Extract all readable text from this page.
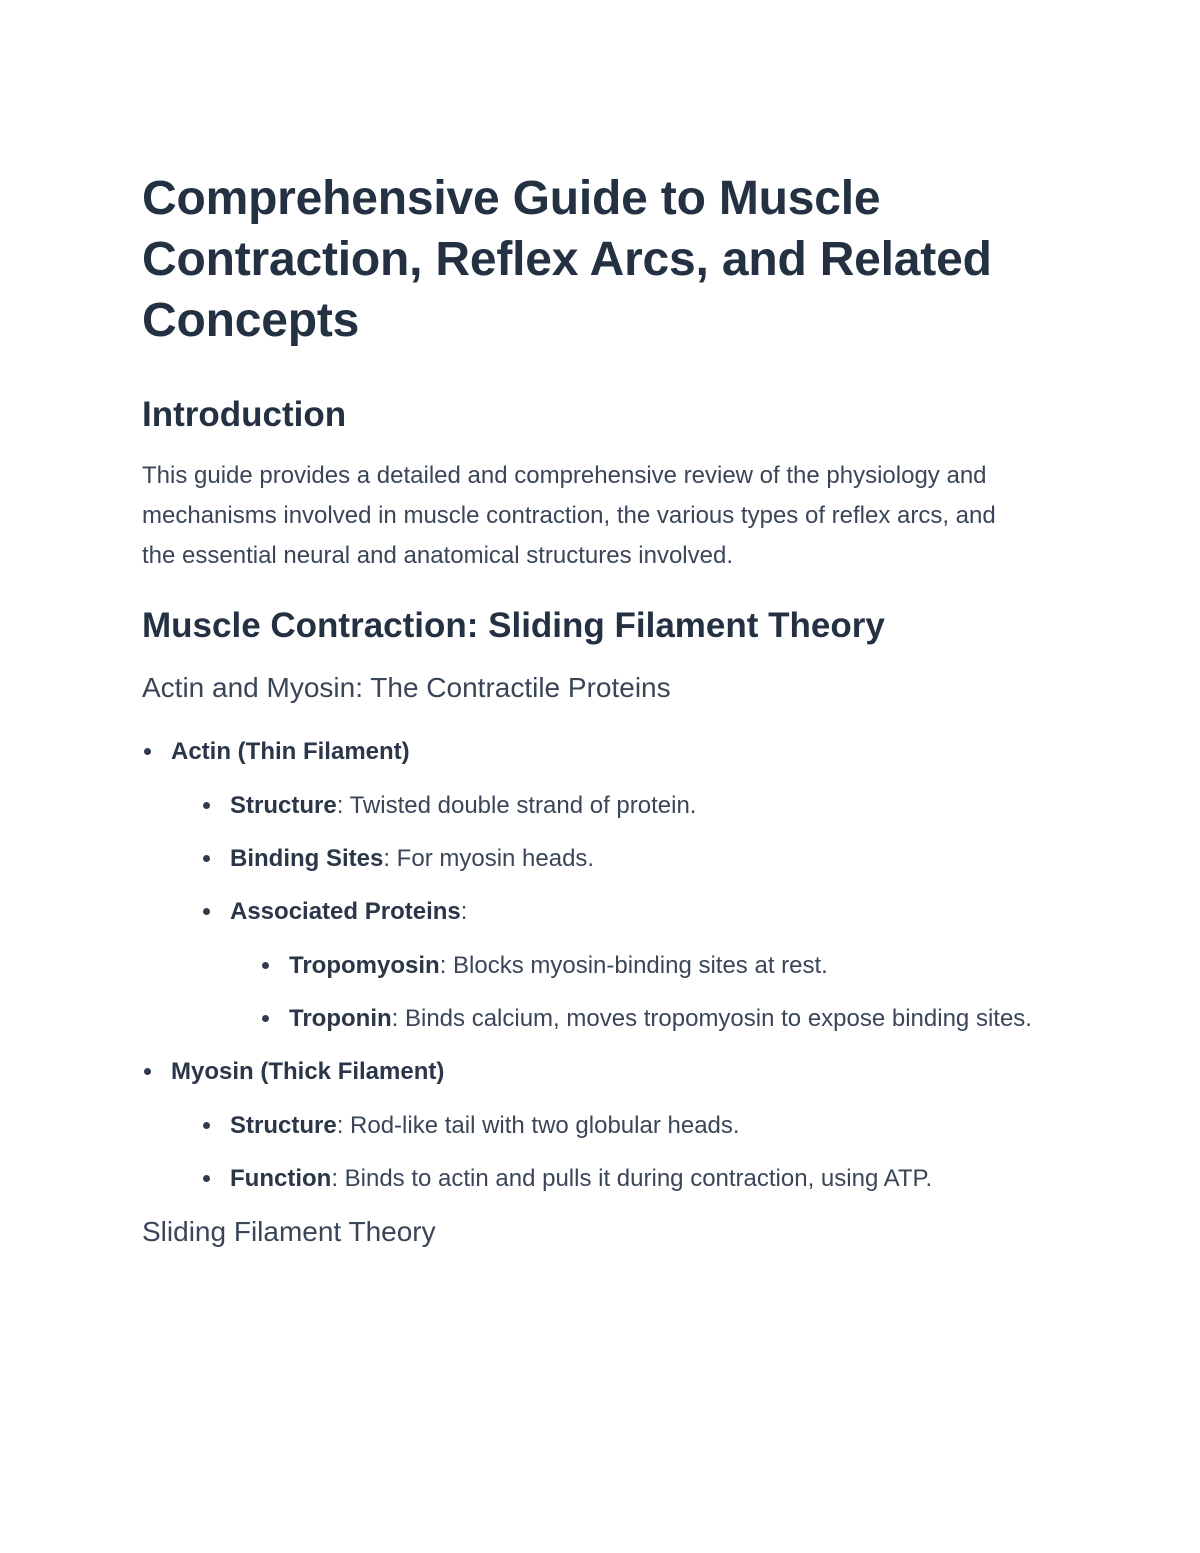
Comprehensive Guide to Muscle Contraction, Reflex Arcs, and Related Concepts
Introduction

This guide provides a detailed and comprehensive review of the physiology and mechanisms involved in muscle contraction, the various types of reflex arcs, and the essential neural and anatomical structures involved.

Muscle Contraction: Sliding Filament Theory
Actin and Myosin: The Contractile Proteins
Actin (Thin Filament)
Structure: Twisted double strand of protein.
Binding Sites: For myosin heads.
Associated Proteins:
Tropomyosin: Blocks myosin-binding sites at rest.
Troponin: Binds calcium, moves tropomyosin to expose binding sites.
Myosin (Thick Filament)
Structure: Rod-like tail with two globular heads.
Function: Binds to actin and pulls it during contraction, using ATP.
Sliding Filament Theory
